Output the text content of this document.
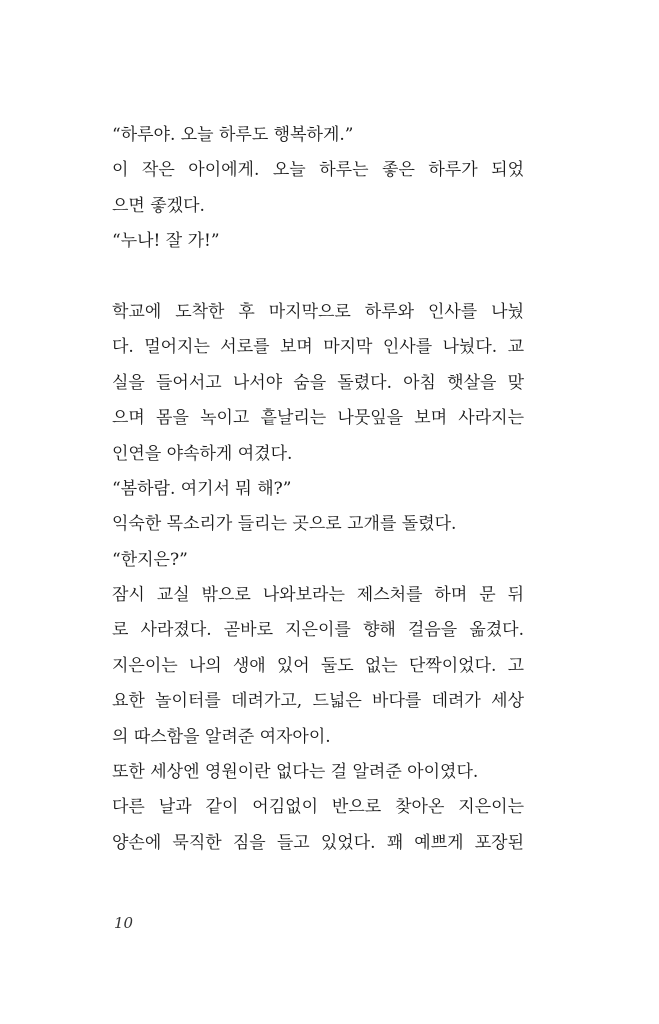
“하루야. 오늘 하루도 행복하게.”
이 작은 아이에게. 오늘 하루는 좋은 하루가 되었
으면 좋겠다.
“누나! 잘 가!”
학교에 도착한 후 마지막으로 하루와 인사를 나눴
다. 멀어지는 서로를 보며 마지막 인사를 나눴다. 교
실을 들어서고 나서야 숨을 돌렸다. 아침 햇살을 맞
으며 몸을 녹이고 흩날리는 나뭇잎을 보며 사라지는
인연을 야속하게 여겼다.
“봄하람. 여기서 뭐 해?”
익숙한 목소리가 들리는 곳으로 고개를 돌렸다.
“한지은?”
잠시 교실 밖으로 나와보라는 제스처를 하며 문 뒤
로 사라졌다. 곧바로 지은이를 향해 걸음을 옮겼다.
지은이는 나의 생애 있어 둘도 없는 단짝이었다. 고
요한 놀이터를 데려가고, 드넓은 바다를 데려가 세상
의 따스함을 알려준 여자아이.
또한 세상엔 영원이란 없다는 걸 알려준 아이였다.
다른 날과 같이 어김없이 반으로 찾아온 지은이는
양손에 묵직한 짐을 들고 있었다. 꽤 예쁘게 포장된
10
